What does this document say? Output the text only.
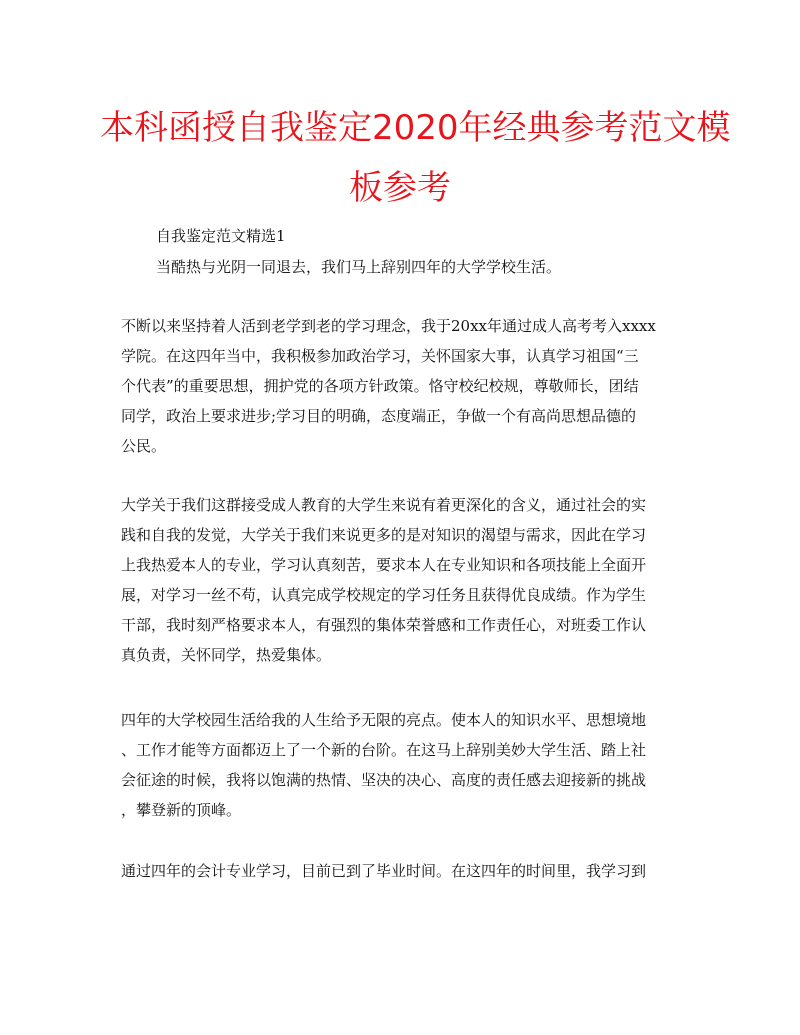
本科函授自我鉴定2020年经典参考范文模
板参考

自我鉴定范文精选1

当酷热与光阴一同退去，我们马上辞别四年的大学学校生活。

不断以来坚持着人活到老学到老的学习理念，我于20xx年通过成人高考考入xxxx

学院。在这四年当中，我积极参加政治学习，关怀国家大事，认真学习祖国“三

个代表”的重要思想，拥护党的各项方针政策。恪守校纪校规，尊敬师长，团结

同学，政治上要求进步;学习目的明确，态度端正，争做一个有高尚思想品德的

公民。

大学关于我们这群接受成人教育的大学生来说有着更深化的含义，通过社会的实

践和自我的发觉，大学关于我们来说更多的是对知识的渴望与需求，因此在学习

上我热爱本人的专业，学习认真刻苦，要求本人在专业知识和各项技能上全面开

展，对学习一丝不苟，认真完成学校规定的学习任务且获得优良成绩。作为学生

干部，我时刻严格要求本人，有强烈的集体荣誉感和工作责任心，对班委工作认

真负责，关怀同学，热爱集体。

四年的大学校园生活给我的人生给予无限的亮点。使本人的知识水平、思想境地

、工作才能等方面都迈上了一个新的台阶。在这马上辞别美妙大学生活、踏上社

会征途的时候，我将以饱满的热情、坚决的决心、高度的责任感去迎接新的挑战

，攀登新的顶峰。

通过四年的会计专业学习，目前已到了毕业时间。在这四年的时间里，我学习到
